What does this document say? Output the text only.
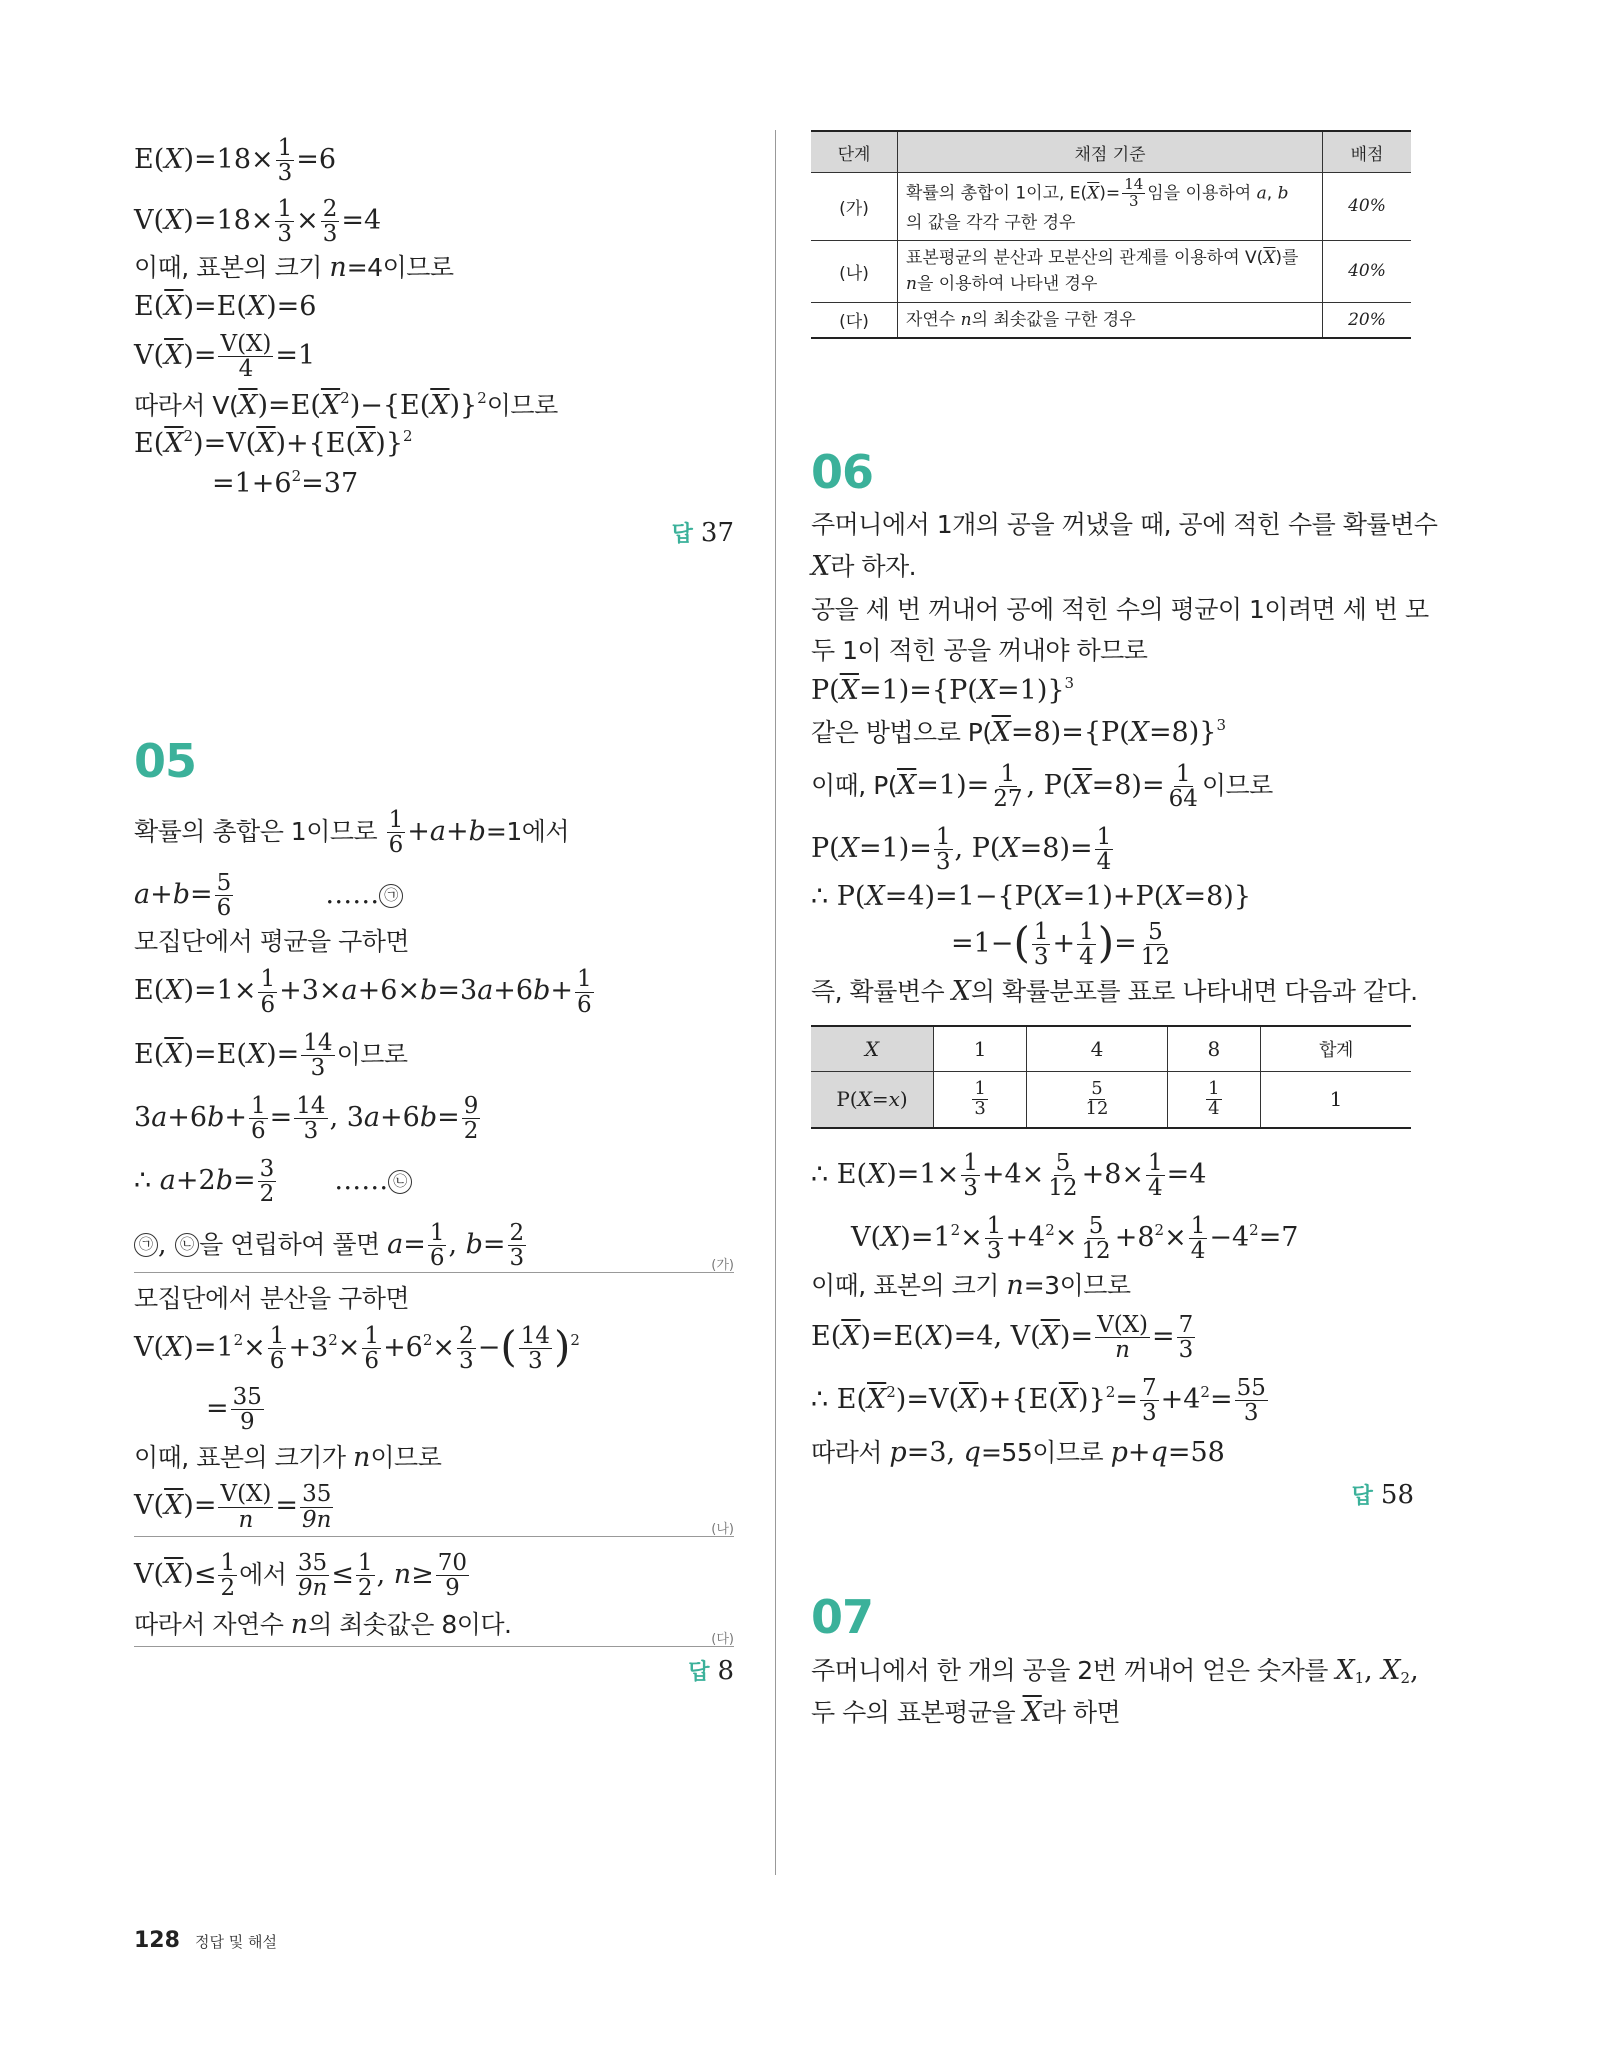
$E(X)=18\times \frac{1}{3} =6$
$V(X)=18\times \frac{1}{3} \times \frac{2}{3} =4$
이때, 표본의 크기 n=4이므로
$E(\overline{X})=E(X)=6$
$V(\overline{X})= \frac{V(X)}{4} =1$
따라서 $V(\overline{X})=E(\overline{X}^2)-\{E(\overline{X})\}^2$이므로
$E(\overline{X}^2)=V(\overline{X})+\{E(\overline{X})\}^2$
$=1+6^2=37$
답 37
05
확률의 총합은 1이므로 $\frac{1}{6} +a+b=1$에서
$a+b= \frac{5}{6}$	…… ㉠
모집단에서 평균을 구하면
$E(X)=1\times \frac{1}{6} +3\times a+6\times b=3a+6b+ \frac{1}{6}$
$E(\overline{X})=E(X)= \frac{14}{3}$ 이므로
$3a+6b+ \frac{1}{6} = \frac{14}{3}$ , $3a+6b= \frac{9}{2}$
∴ $a+2b= \frac{3}{2}$ …… ㉡
㉠ , ㉡ 을 연립하여 풀면 $a= \frac{1}{6}$ , $b= \frac{2}{3}$	(가)
모집단에서 분산을 구하면
$V(X)=1^2\times \frac{1}{6} +3^2\times \frac{1}{6} +6^2\times \frac{2}{3}$ −( $\frac{14}{3} )^2$
= $\frac{35}{9}$
이때, 표본의 크기가 n이므로
$V(\overline{X})= \frac{V(X)}{n} = \frac{35}{9n}$	(나)
$V(\overline{X})\le \frac{1}{2}$ 에서 $\frac{35}{9n} \le \frac{1}{2}$ , $n\ge \frac{70}{9}$
따라서 자연수 n의 최솟값은 8이다.
(다)
답 8
단계	채점 기준	배점
(가)	확률의 총합이 1이고, $E(\overline{X})= \frac{14}{3}$ 임을 이용하여 a, b
의 값을 각각 구한 경우	40%
(나)	표본평균의 분산과 모분산의 관계를 이용하여 $V(\overline{X})$를
n을 이용하여 나타낸 경우	40%
(다)	자연수 n의 최솟값을 구한 경우	20%
06
주머니에서 1개의 공을 꺼냈을 때, 공에 적힌 수를 확률변수
X라 하자.
공을 세 번 꺼내어 공에 적힌 수의 평균이 1이려면 세 번 모
두 1이 적힌 공을 꺼내야 하므로
$P(\overline{X}=1)=\{P(X=1)\}^3$
같은 방법으로 $P(\overline{X}=8)=\{P(X=8)\}^3$
이때, $P(\overline{X}=1)= \frac{1}{27}$ , $P(\overline{X}=8)= \frac{1}{64}$ 이므로
$P(X=1)= \frac{1}{3}$ , $P(X=8)= \frac{1}{4}$
∴ P(X=4)=1−{P(X=1)+P(X=8)}
$=1-( \frac{1}{3} + \frac{1}{4}$ )= $\frac{5}{12}$
즉, 확률변수 X의 확률분포를 표로 나타내면 다음과 같다.
X	1	4	8	합계
P(X=x)	$\frac{1}{3}$	$\frac{5}{12}$	$\frac{1}{4}$	1
∴ $E(X)=1\times \frac{1}{3} +4\times \frac{5}{12} +8\times \frac{1}{4} =4$
$V(X)=1^2\times \frac{1}{3} +4^2\times \frac{5}{12} +8^2\times \frac{1}{4} -4^2=7$
이때, 표본의 크기 n=3이므로
$E(\overline{X})=E(X)=4$, $V(\overline{X})= \frac{V(X)}{n} = \frac{7}{3}$
∴ $E(\overline{X}^2)=V(\overline{X})+\{E(\overline{X})\}^2= \frac{7}{3} +4^2= \frac{55}{3}$
따라서 p=3, q=55이므로 p+q=58
답 58
07
주머니에서 한 개의 공을 2번 꺼내어 얻은 숫자를 $X_1$, $X_2$,
두 수의 표본평균을 $\overline{X}$라 하면
128 정답 및 해설
